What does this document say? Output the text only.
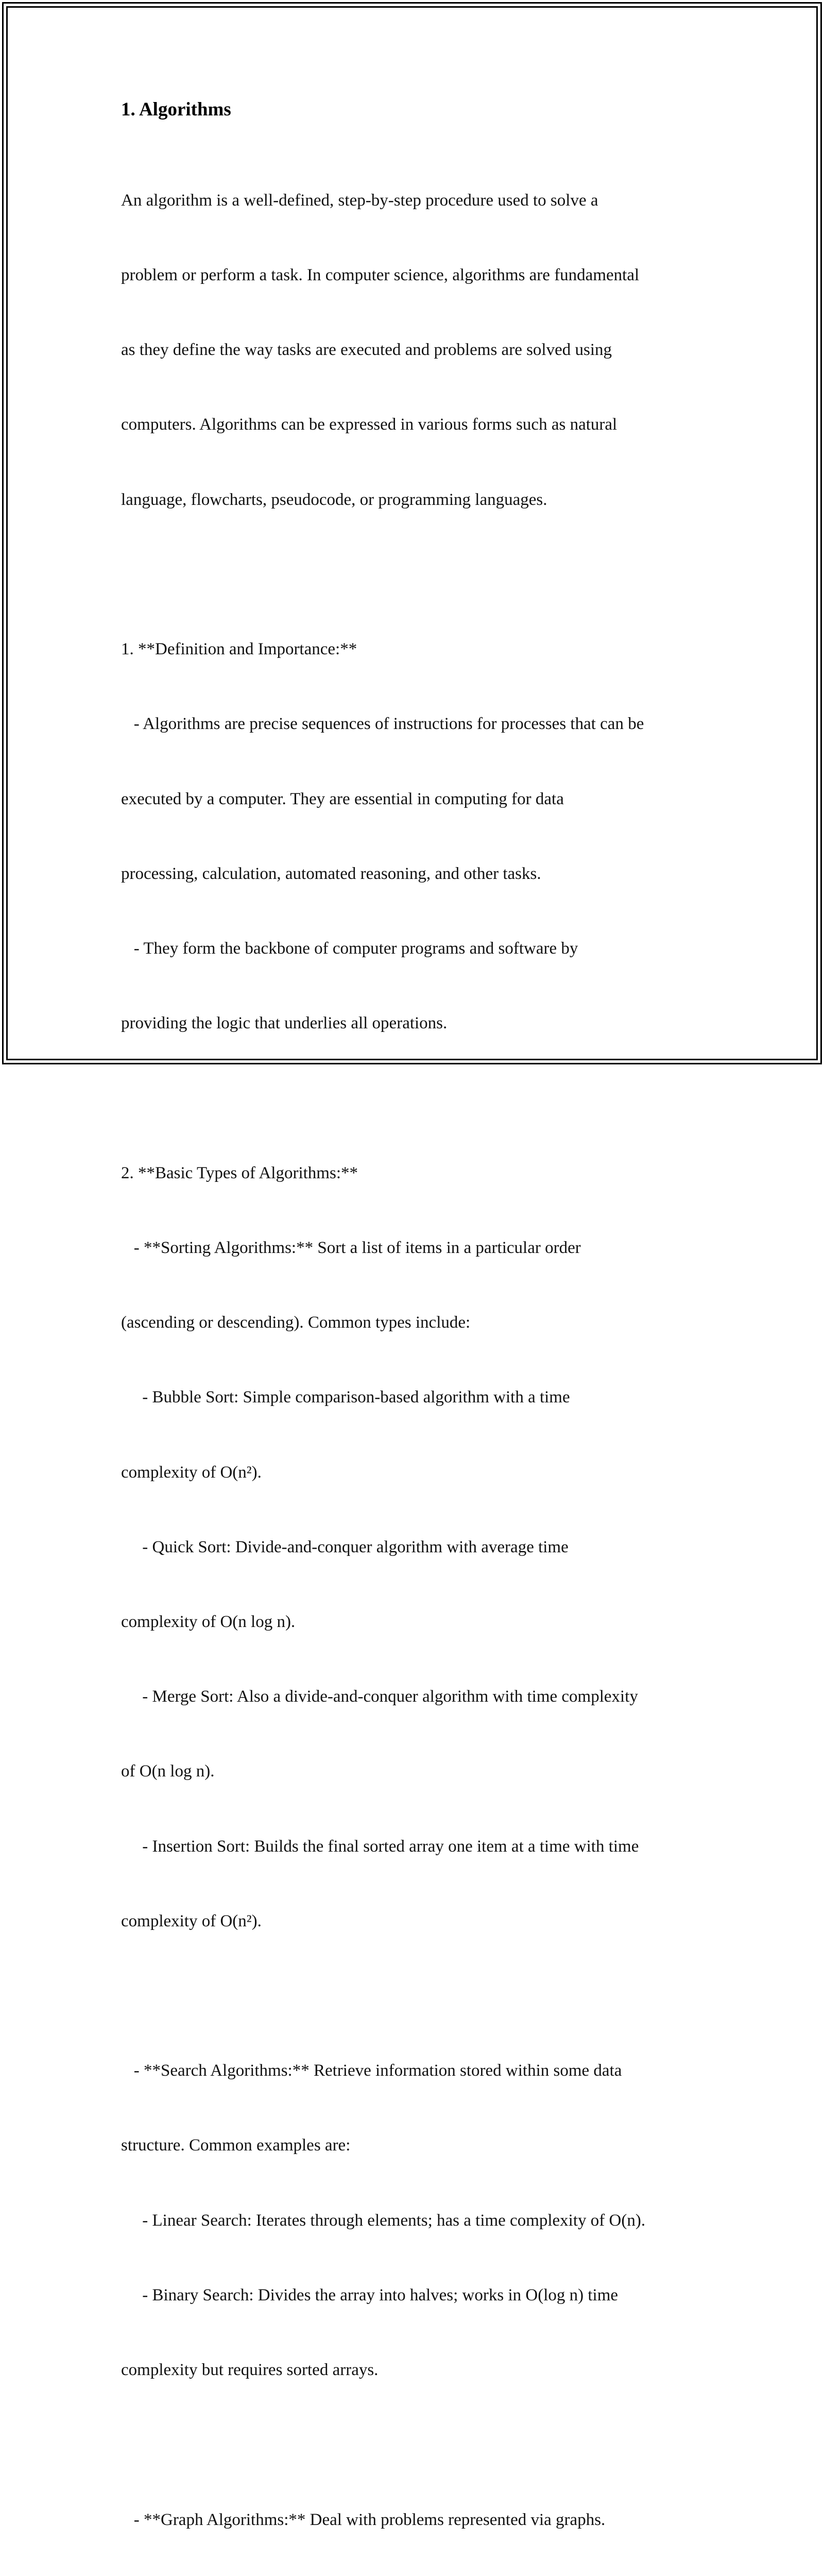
1. Algorithms

An algorithm is a well-defined, step-by-step procedure used to solve a

problem or perform a task. In computer science, algorithms are fundamental

as they define the way tasks are executed and problems are solved using

computers. Algorithms can be expressed in various forms such as natural

language, flowcharts, pseudocode, or programming languages.

1. **Definition and Importance:**

- Algorithms are precise sequences of instructions for processes that can be

executed by a computer. They are essential in computing for data

processing, calculation, automated reasoning, and other tasks.

- They form the backbone of computer programs and software by

providing the logic that underlies all operations.

2. **Basic Types of Algorithms:**

- **Sorting Algorithms:** Sort a list of items in a particular order

(ascending or descending). Common types include:

- Bubble Sort: Simple comparison-based algorithm with a time

complexity of O(n²).

- Quick Sort: Divide-and-conquer algorithm with average time

complexity of O(n log n).

- Merge Sort: Also a divide-and-conquer algorithm with time complexity

of O(n log n).

- Insertion Sort: Builds the final sorted array one item at a time with time

complexity of O(n²).

- **Search Algorithms:** Retrieve information stored within some data

structure. Common examples are:

- Linear Search: Iterates through elements; has a time complexity of O(n).

- Binary Search: Divides the array into halves; works in O(log n) time

complexity but requires sorted arrays.

- **Graph Algorithms:** Deal with problems represented via graphs.
